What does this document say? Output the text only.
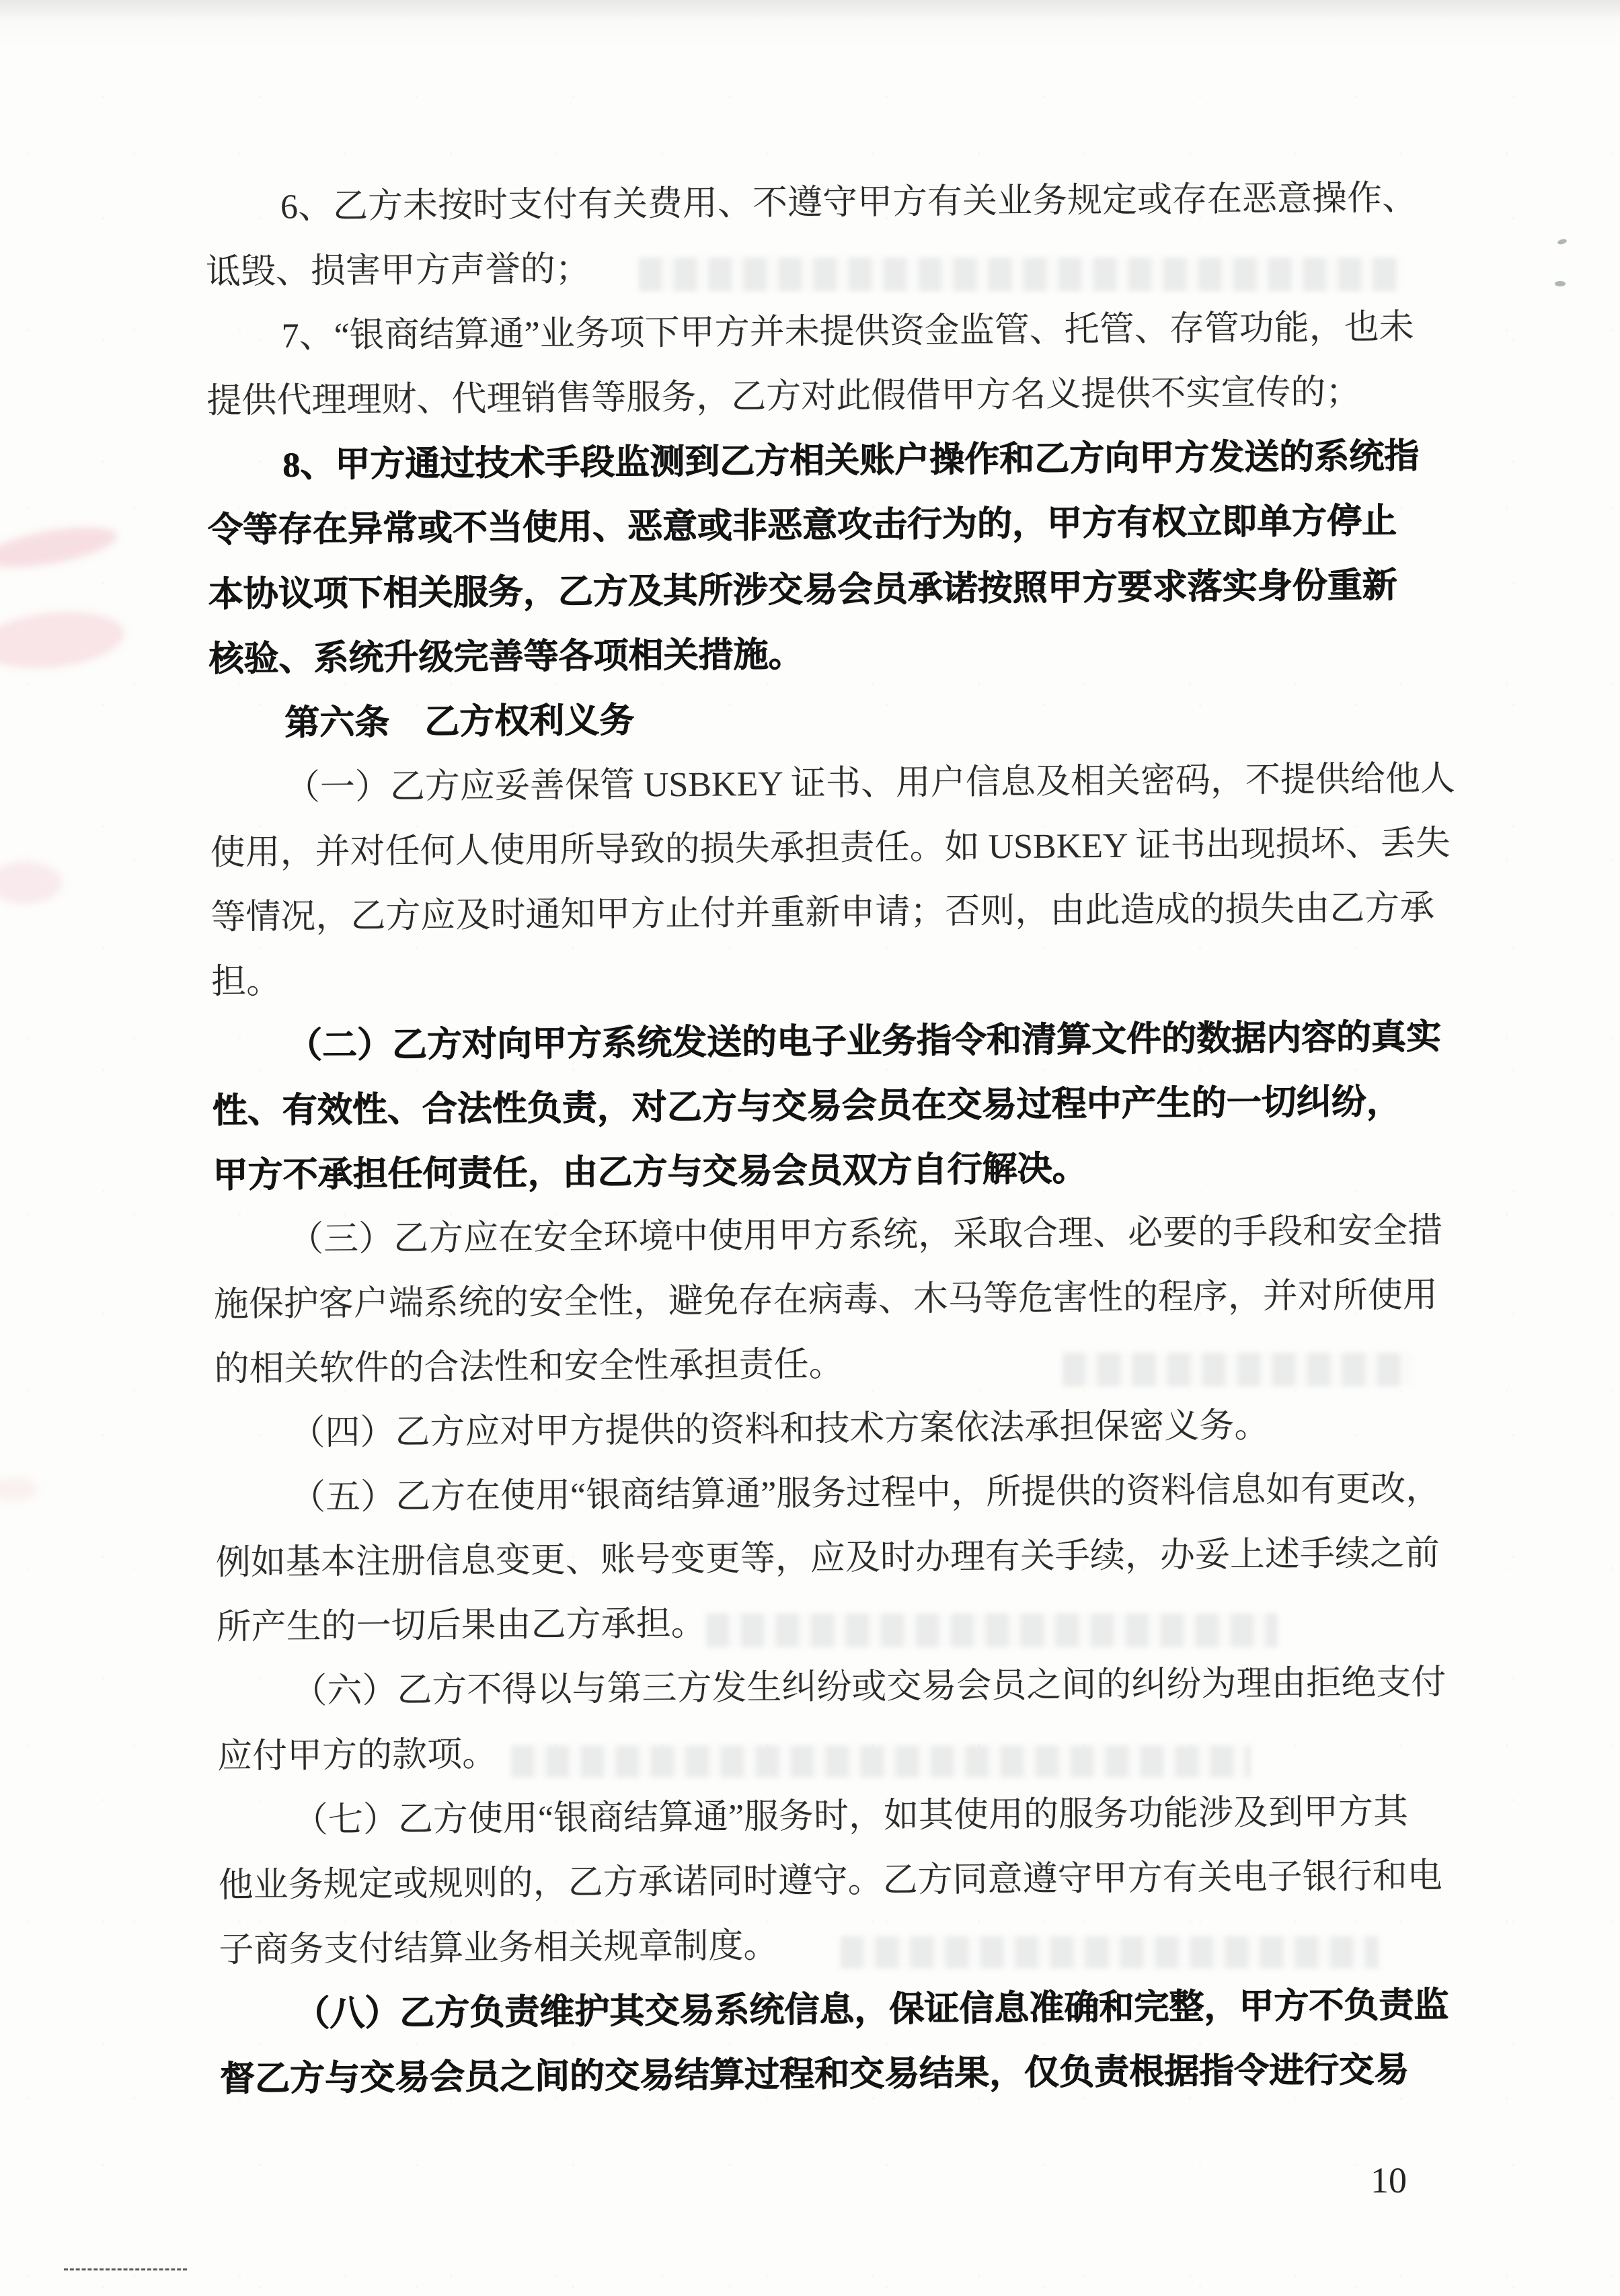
6、乙方未按时支付有关费用、不遵守甲方有关业务规定或存在恶意操作、
诋毁、损害甲方声誉的；
7、“银商结算通”业务项下甲方并未提供资金监管、托管、存管功能，也未
提供代理理财、代理销售等服务，乙方对此假借甲方名义提供不实宣传的；
8、甲方通过技术手段监测到乙方相关账户操作和乙方向甲方发送的系统指
令等存在异常或不当使用、恶意或非恶意攻击行为的，甲方有权立即单方停止
本协议项下相关服务，乙方及其所涉交易会员承诺按照甲方要求落实身份重新
核验、系统升级完善等各项相关措施。
第六条　乙方权利义务
（一）乙方应妥善保管 USBKEY 证书、用户信息及相关密码，不提供给他人
使用，并对任何人使用所导致的损失承担责任。如 USBKEY 证书出现损坏、丢失
等情况，乙方应及时通知甲方止付并重新申请；否则，由此造成的损失由乙方承
担。
（二）乙方对向甲方系统发送的电子业务指令和清算文件的数据内容的真实
性、有效性、合法性负责，对乙方与交易会员在交易过程中产生的一切纠纷，
甲方不承担任何责任，由乙方与交易会员双方自行解决。
（三）乙方应在安全环境中使用甲方系统，采取合理、必要的手段和安全措
施保护客户端系统的安全性，避免存在病毒、木马等危害性的程序，并对所使用
的相关软件的合法性和安全性承担责任。
（四）乙方应对甲方提供的资料和技术方案依法承担保密义务。
（五）乙方在使用“银商结算通”服务过程中，所提供的资料信息如有更改，
例如基本注册信息变更、账号变更等，应及时办理有关手续，办妥上述手续之前
所产生的一切后果由乙方承担。
（六）乙方不得以与第三方发生纠纷或交易会员之间的纠纷为理由拒绝支付
应付甲方的款项。
（七）乙方使用“银商结算通”服务时，如其使用的服务功能涉及到甲方其
他业务规定或规则的，乙方承诺同时遵守。乙方同意遵守甲方有关电子银行和电
子商务支付结算业务相关规章制度。
（八）乙方负责维护其交易系统信息，保证信息准确和完整，甲方不负责监
督乙方与交易会员之间的交易结算过程和交易结果，仅负责根据指令进行交易
10
